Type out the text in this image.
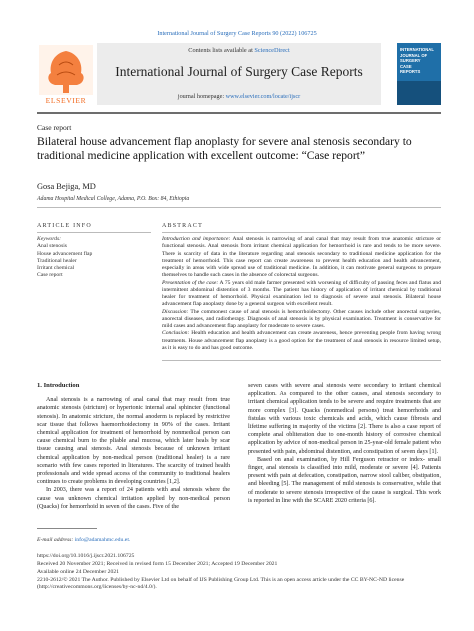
International Journal of Surgery Case Reports 90 (2022) 106725
ELSEVIER
Contents lists available at ScienceDirect
International Journal of Surgery Case Reports
journal homepage: www.elsevier.com/locate/ijscr
INTERNATIONAL
JOURNAL OF
SURGERY
CASE
REPORTS
Case report
Bilateral house advancement flap anoplasty for severe anal stenosis secondary to traditional medicine application with excellent outcome: “Case report”
Gosa Bejiga, MD
Adama Hospital Medical College, Adama, P.O. Box: 84, Ethiopia
ARTICLE INFO	ABSTRACT
Keywords:
Anal stenosis
House advancement flap
Traditional healer
Irritant chemical
Case report

Introduction and importance: Anal stenosis is narrowing of anal canal that may result from true anatomic stricture or functional stenosis. Anal stenosis from irritant chemical application for hemorrhoid is rare and tends to be more severe. There is scarcity of data in the literature regarding anal stenosis secondary to traditional medicine application for the treatment of hemorrhoid. This case report can create awareness to prevent health education and health advancement, especially in areas with wide spread use of traditional medicine. In addition, it can motivate general surgeons to prepare themselves to handle such cases in the absence of colorectal surgeons.

Presentation of the case: A 75 years old male farmer presented with worsening of difficulty of passing feces and flatus and intermittent abdominal distention of 3 months. The patient has history of application of irritant chemical by traditional healer for treatment of hemorrhoid. Physical examination led to diagnosis of severe anal stenosis. Bilateral house advancement flap anoplasty done by a general surgeon with excellent result.

Discussion: The commonest cause of anal stenosis is hemorrhoidectomy. Other causes include other anorectal surgeries, anorectal diseases, and radiotherapy. Diagnosis of anal stenosis is by physical examination. Treatment is conservative for mild cases and advancement flap anoplasty for moderate to severe cases.

Conclusion: Health education and health advancement can create awareness, hence preventing people from having wrong treatments. House advancement flap anoplasty is a good option for the treatment of anal stenosis in resource limited setup, as it is easy to do and has good outcome.

1. Introduction

Anal stenosis is a narrowing of anal canal that may result from true anatomic stenosis (stricture) or hypertonic internal anal sphincter (functional stenosis). In anatomic stricture, the normal anoderm is replaced by restrictive scar tissue that follows haemorrhoidectomy in 90% of the cases. Irritant chemical application for treatment of hemorrhoid by nonmedical person can cause chemical burn to the pliable anal mucosa, which later heals by scar tissue causing anal stenosis. Anal stenosis because of unknown irritant chemical application by non-medical person (traditional healer) is a rare scenario with few cases reported in literatures. The scarcity of trained health professionals and wide spread access of the community to traditional healers continues to create problems in developing countries [1,2].

In 2003, there was a report of 24 patients with anal stenosis where the cause was unknown chemical irritation applied by non-medical person (Quacks) for hemorrhoid in seven of the cases. Five of the

seven cases with severe anal stenosis were secondary to irritant chemical application. As compared to the other causes, anal stenosis secondary to irritant chemical application tends to be severe and require treatments that are more complex [3]. Quacks (nonmedical persons) treat hemorrhoids and fistulas with various toxic chemicals and acids, which cause fibrosis and lifetime suffering in majority of the victims [2]. There is also a case report of complete anal obliteration due to one-month history of corrosive chemical application by advice of non-medical person in 25-year-old female patient who presented with pain, abdominal distention, and constipation of seven days [1].

Based on anal examination, by Hill Ferguson retractor or index- small finger, anal stenosis is classified into mild, moderate or severe [4]. Patients present with pain at defecation, constipation, narrow stool caliber, obstipation, and bleeding [5]. The management of mild stenosis is conservative, while that of moderate to severe stenosis irrespective of the cause is surgical. This work is reported in line with the SCARE 2020 criteria [6].

E-mail address: info@adamahmc.edu.et.
https://doi.org/10.1016/j.ijscr.2021.106725
Received 20 November 2021; Received in revised form 15 December 2021; Accepted 19 December 2021
Available online 24 December 2021
2210-2612/© 2021 The Author. Published by Elsevier Ltd on behalf of IJS Publishing Group Ltd. This is an open access article under the CC BY-NC-ND license (http://creativecommons.org/licenses/by-nc-nd/4.0/).
